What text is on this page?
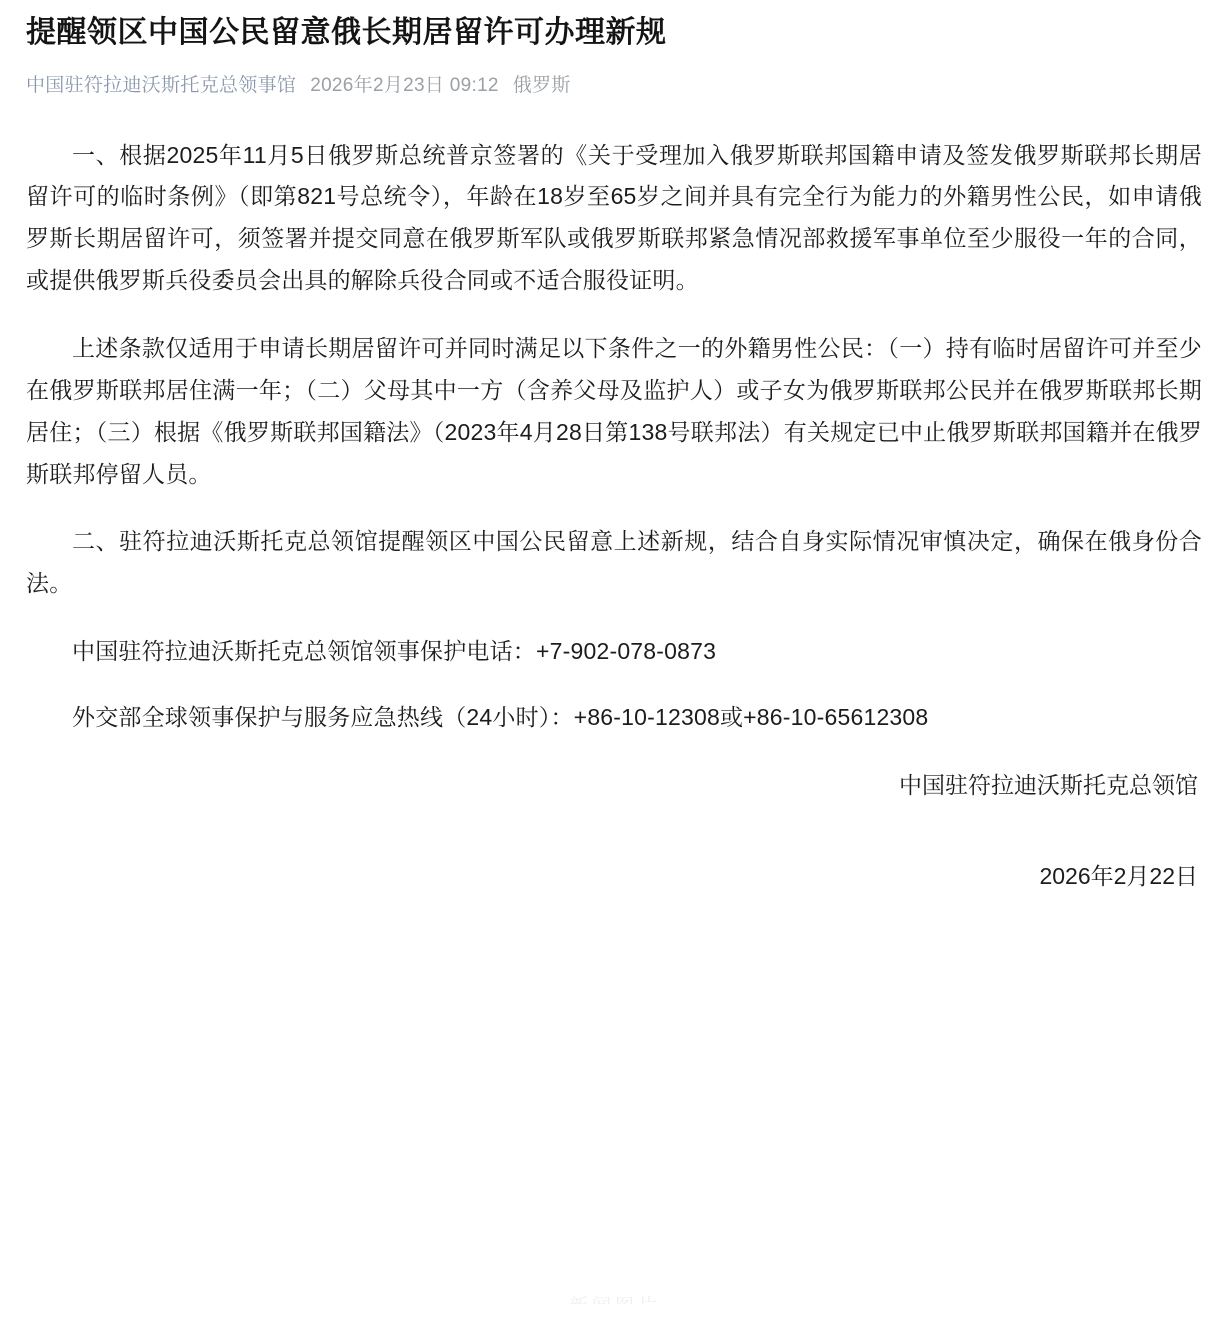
提醒领区中国公民留意俄长期居留许可办理新规
中国驻符拉迪沃斯托克总领事馆 2026年2月23日 09:12 俄罗斯

一、根据2025年11月5日俄罗斯总统普京签署的《关于受理加入俄罗斯联邦国籍申请及签发俄罗斯联邦长期居留许可的临时条例》（即第821号总统令），年龄在18岁至65岁之间并具有完全行为能力的外籍男性公民，如申请俄罗斯长期居留许可，须签署并提交同意在俄罗斯军队或俄罗斯联邦紧急情况部救援军事单位至少服役一年的合同，或提供俄罗斯兵役委员会出具的解除兵役合同或不适合服役证明。

上述条款仅适用于申请长期居留许可并同时满足以下条件之一的外籍男性公民：（一）持有临时居留许可并至少在俄罗斯联邦居住满一年；（二）父母其中一方（含养父母及监护人）或子女为俄罗斯联邦公民并在俄罗斯联邦长期居住；（三）根据《俄罗斯联邦国籍法》（2023年4月28日第138号联邦法）有关规定已中止俄罗斯联邦国籍并在俄罗斯联邦停留人员。

二、驻符拉迪沃斯托克总领馆提醒领区中国公民留意上述新规，结合自身实际情况审慎决定，确保在俄身份合法。

中国驻符拉迪沃斯托克总领馆领事保护电话：+7-902-078-0873

外交部全球领事保护与服务应急热线（24小时）：+86-10-12308或+86-10-65612308

中国驻符拉迪沃斯托克总领馆
2026年2月22日
